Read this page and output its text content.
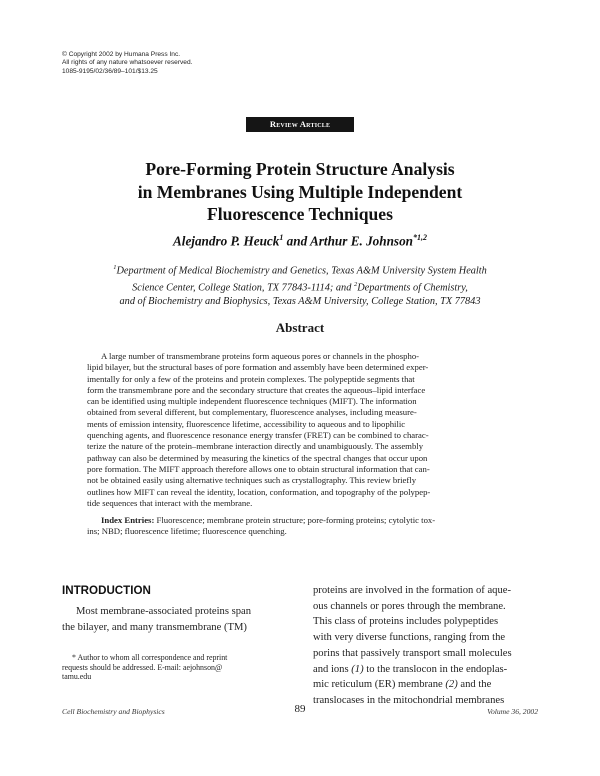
© Copyright 2002 by Humana Press Inc.
All rights of any nature whatsoever reserved.
1085-9195/02/36/89–101/$13.25
Review Article
Pore-Forming Protein Structure Analysis
in Membranes Using Multiple Independent
Fluorescence Techniques
Alejandro P. Heuck$^1$ and Arthur E. Johnson$^{*1,2}$
$^1$Department of Medical Biochemistry and Genetics, Texas A&M University System Health
Science Center, College Station, TX 77843-1114; and $^2$Departments of Chemistry,
and of Biochemistry and Biophysics, Texas A&M University, College Station, TX 77843
Abstract
A large number of transmembrane proteins form aqueous pores or channels in the phospho-
lipid bilayer, but the structural bases of pore formation and assembly have been determined exper-
imentally for only a few of the proteins and protein complexes. The polypeptide segments that
form the transmembrane pore and the secondary structure that creates the aqueous–lipid interface
can be identified using multiple independent fluorescence techniques (MIFT). The information
obtained from several different, but complementary, fluorescence analyses, including measure-
ments of emission intensity, fluorescence lifetime, accessibility to aqueous and to lipophilic
quenching agents, and fluorescence resonance energy transfer (FRET) can be combined to charac-
terize the nature of the protein–membrane interaction directly and unambiguously. The assembly
pathway can also be determined by measuring the kinetics of the spectral changes that occur upon
pore formation. The MIFT approach therefore allows one to obtain structural information that can-
not be obtained easily using alternative techniques such as crystallography. This review briefly
outlines how MIFT can reveal the identity, location, conformation, and topography of the polypep-
tide sequences that interact with the membrane.
Index Entries: Fluorescence; membrane protein structure; pore-forming proteins; cytolytic tox-
ins; NBD; fluorescence lifetime; fluorescence quenching.
INTRODUCTION
Most membrane-associated proteins span
the bilayer, and many transmembrane (TM)
* Author to whom all correspondence and reprint
requests should be addressed. E-mail: aejohnson@
tamu.edu
proteins are involved in the formation of aque-
ous channels or pores through the membrane.
This class of proteins includes polypeptides
with very diverse functions, ranging from the
porins that passively transport small molecules
and ions (1) to the translocon in the endoplas-
mic reticulum (ER) membrane (2) and the
translocases in the mitochondrial membranes
Cell Biochemistry and Biophysics	89	Volume 36, 2002
